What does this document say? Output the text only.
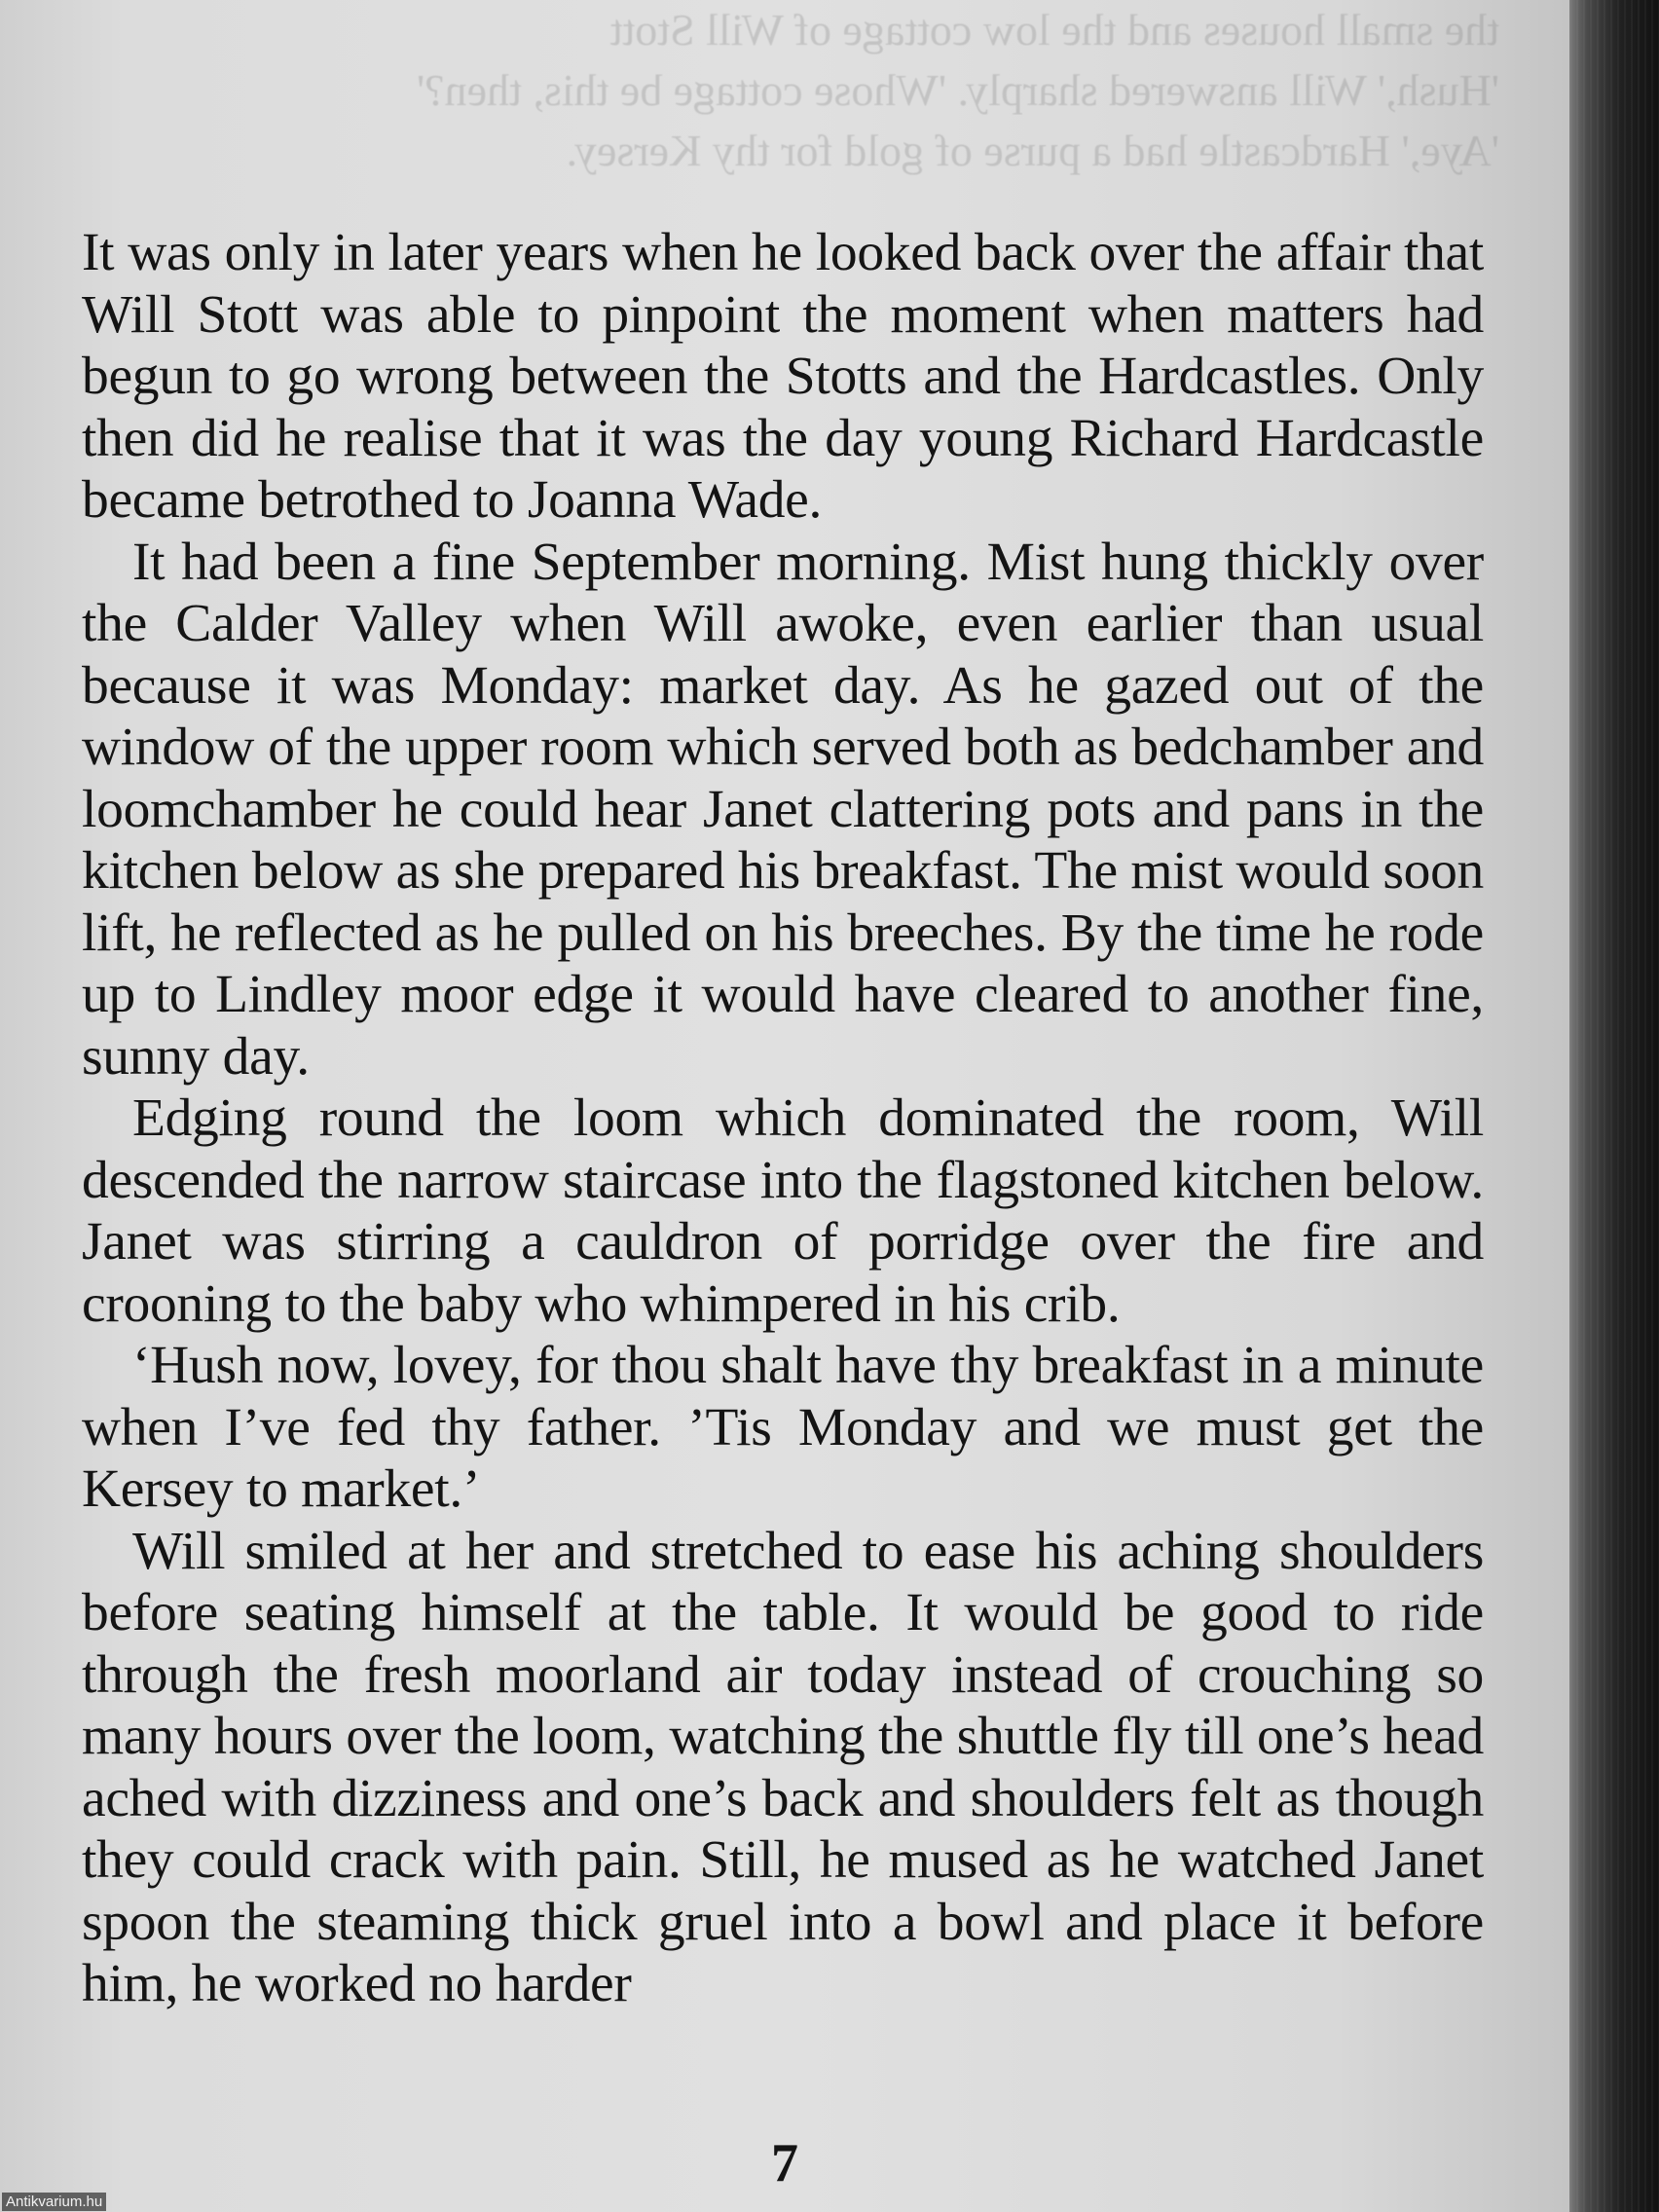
the small houses and the low cottage of Will Stott
'Hush,' Will answered sharply. 'Whose cottage be this, then?'
'Aye,' Hardcastle had a purse of gold for thy Kersey.

It was only in later years when he looked back over the affair that Will Stott was able to pinpoint the moment when matters had begun to go wrong between the Stotts and the Hardcastles. Only then did he realise that it was the day young Richard Hardcastle became betrothed to Joanna Wade.

It had been a fine September morning. Mist hung thickly over the Calder Valley when Will awoke, even earlier than usual because it was Monday: market day. As he gazed out of the window of the upper room which served both as bedchamber and loomchamber he could hear Janet clattering pots and pans in the kitchen below as she prepared his breakfast. The mist would soon lift, he reflected as he pulled on his breeches. By the time he rode up to Lindley moor edge it would have cleared to another fine, sunny day.

Edging round the loom which dominated the room, Will descended the narrow staircase into the flagstoned kitchen below. Janet was stirring a cauldron of porridge over the fire and crooning to the baby who whimpered in his crib.

‘Hush now, lovey, for thou shalt have thy breakfast in a minute when I’ve fed thy father. ’Tis Monday and we must get the Kersey to market.’

Will smiled at her and stretched to ease his aching shoulders before seating himself at the table. It would be good to ride through the fresh moorland air today instead of crouching so many hours over the loom, watching the shuttle fly till one’s head ached with dizziness and one’s back and shoulders felt as though they could crack with pain. Still, he mused as he watched Janet spoon the steaming thick gruel into a bowl and place it before him, he worked no harder

7
Antikvarium.hu
